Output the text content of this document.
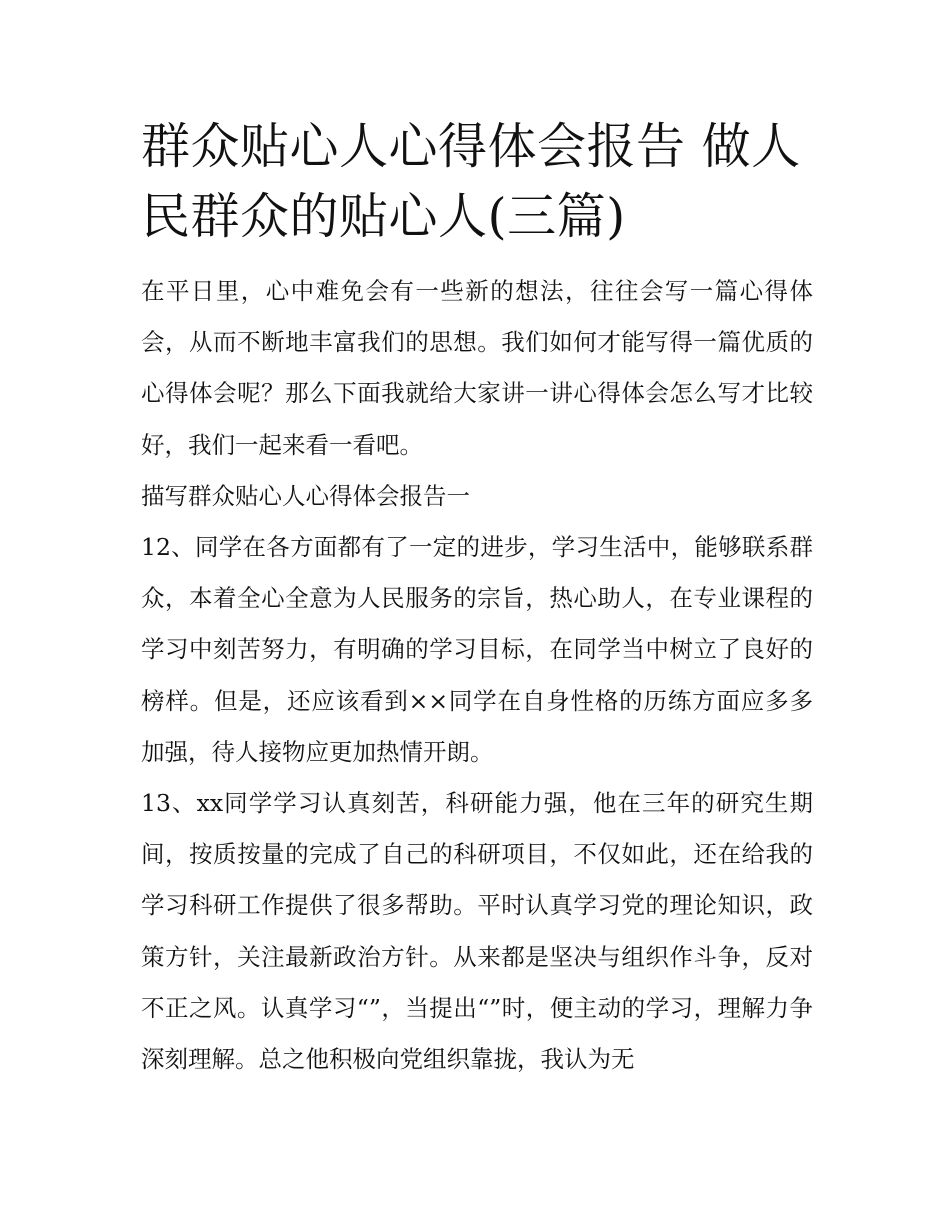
群众贴心人心得体会报告 做人民群众的贴心人(三篇)

在平日里，心中难免会有一些新的想法，往往会写一篇心得体会，从而不断地丰富我们的思想。我们如何才能写得一篇优质的心得体会呢？那么下面我就给大家讲一讲心得体会怎么写才比较好，我们一起来看一看吧。

描写群众贴心人心得体会报告一

12、同学在各方面都有了一定的进步，学习生活中，能够联系群众，本着全心全意为人民服务的宗旨，热心助人，在专业课程的学习中刻苦努力，有明确的学习目标，在同学当中树立了良好的榜样。但是，还应该看到××同学在自身性格的历练方面应多多加强，待人接物应更加热情开朗。

13、xx同学学习认真刻苦，科研能力强，他在三年的研究生期间，按质按量的完成了自己的科研项目，不仅如此，还在给我的学习科研工作提供了很多帮助。平时认真学习党的理论知识，政策方针，关注最新政治方针。从来都是坚决与组织作斗争，反对不正之风。认真学习“”，当提出“”时，便主动的学习，理解力争深刻理解。总之他积极向党组织靠拢，我认为无
